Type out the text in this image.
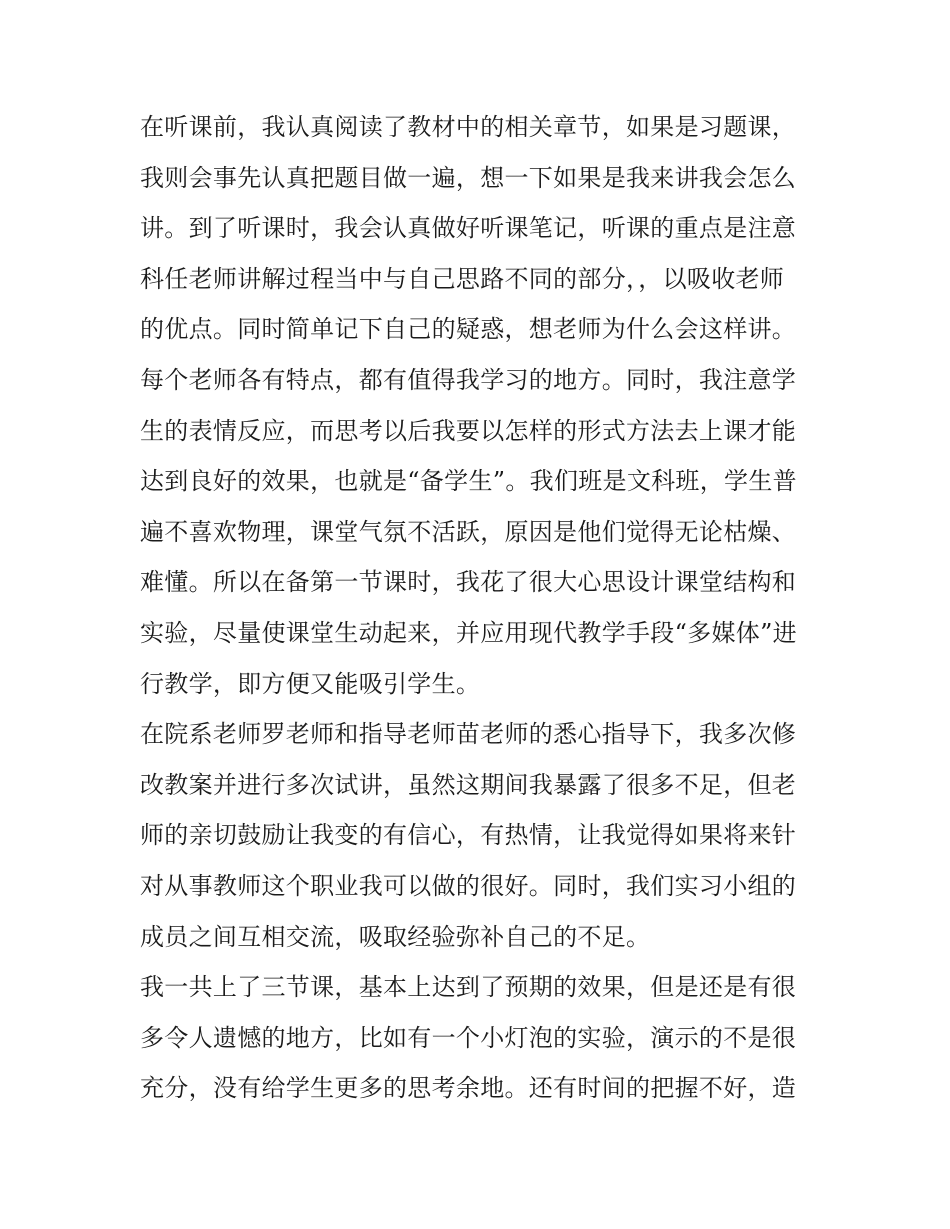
在听课前，我认真阅读了教材中的相关章节，如果是习题课，
我则会事先认真把题目做一遍，想一下如果是我来讲我会怎么
讲。到了听课时，我会认真做好听课笔记，听课的重点是注意
科任老师讲解过程当中与自己思路不同的部分，，以吸收老师
的优点。同时简单记下自己的疑惑，想老师为什么会这样讲。
每个老师各有特点，都有值得我学习的地方。同时，我注意学
生的表情反应，而思考以后我要以怎样的形式方法去上课才能
达到良好的效果，也就是“备学生”。我们班是文科班，学生普
遍不喜欢物理，课堂气氛不活跃，原因是他们觉得无论枯燥、
难懂。所以在备第一节课时，我花了很大心思设计课堂结构和
实验，尽量使课堂生动起来，并应用现代教学手段“多媒体”进
行教学，即方便又能吸引学生。

在院系老师罗老师和指导老师苗老师的悉心指导下，我多次修
改教案并进行多次试讲，虽然这期间我暴露了很多不足，但老
师的亲切鼓励让我变的有信心，有热情，让我觉得如果将来针
对从事教师这个职业我可以做的很好。同时，我们实习小组的
成员之间互相交流，吸取经验弥补自己的不足。

我一共上了三节课，基本上达到了预期的效果，但是还是有很
多令人遗憾的地方，比如有一个小灯泡的实验，演示的不是很
充分，没有给学生更多的思考余地。还有时间的把握不好，造
